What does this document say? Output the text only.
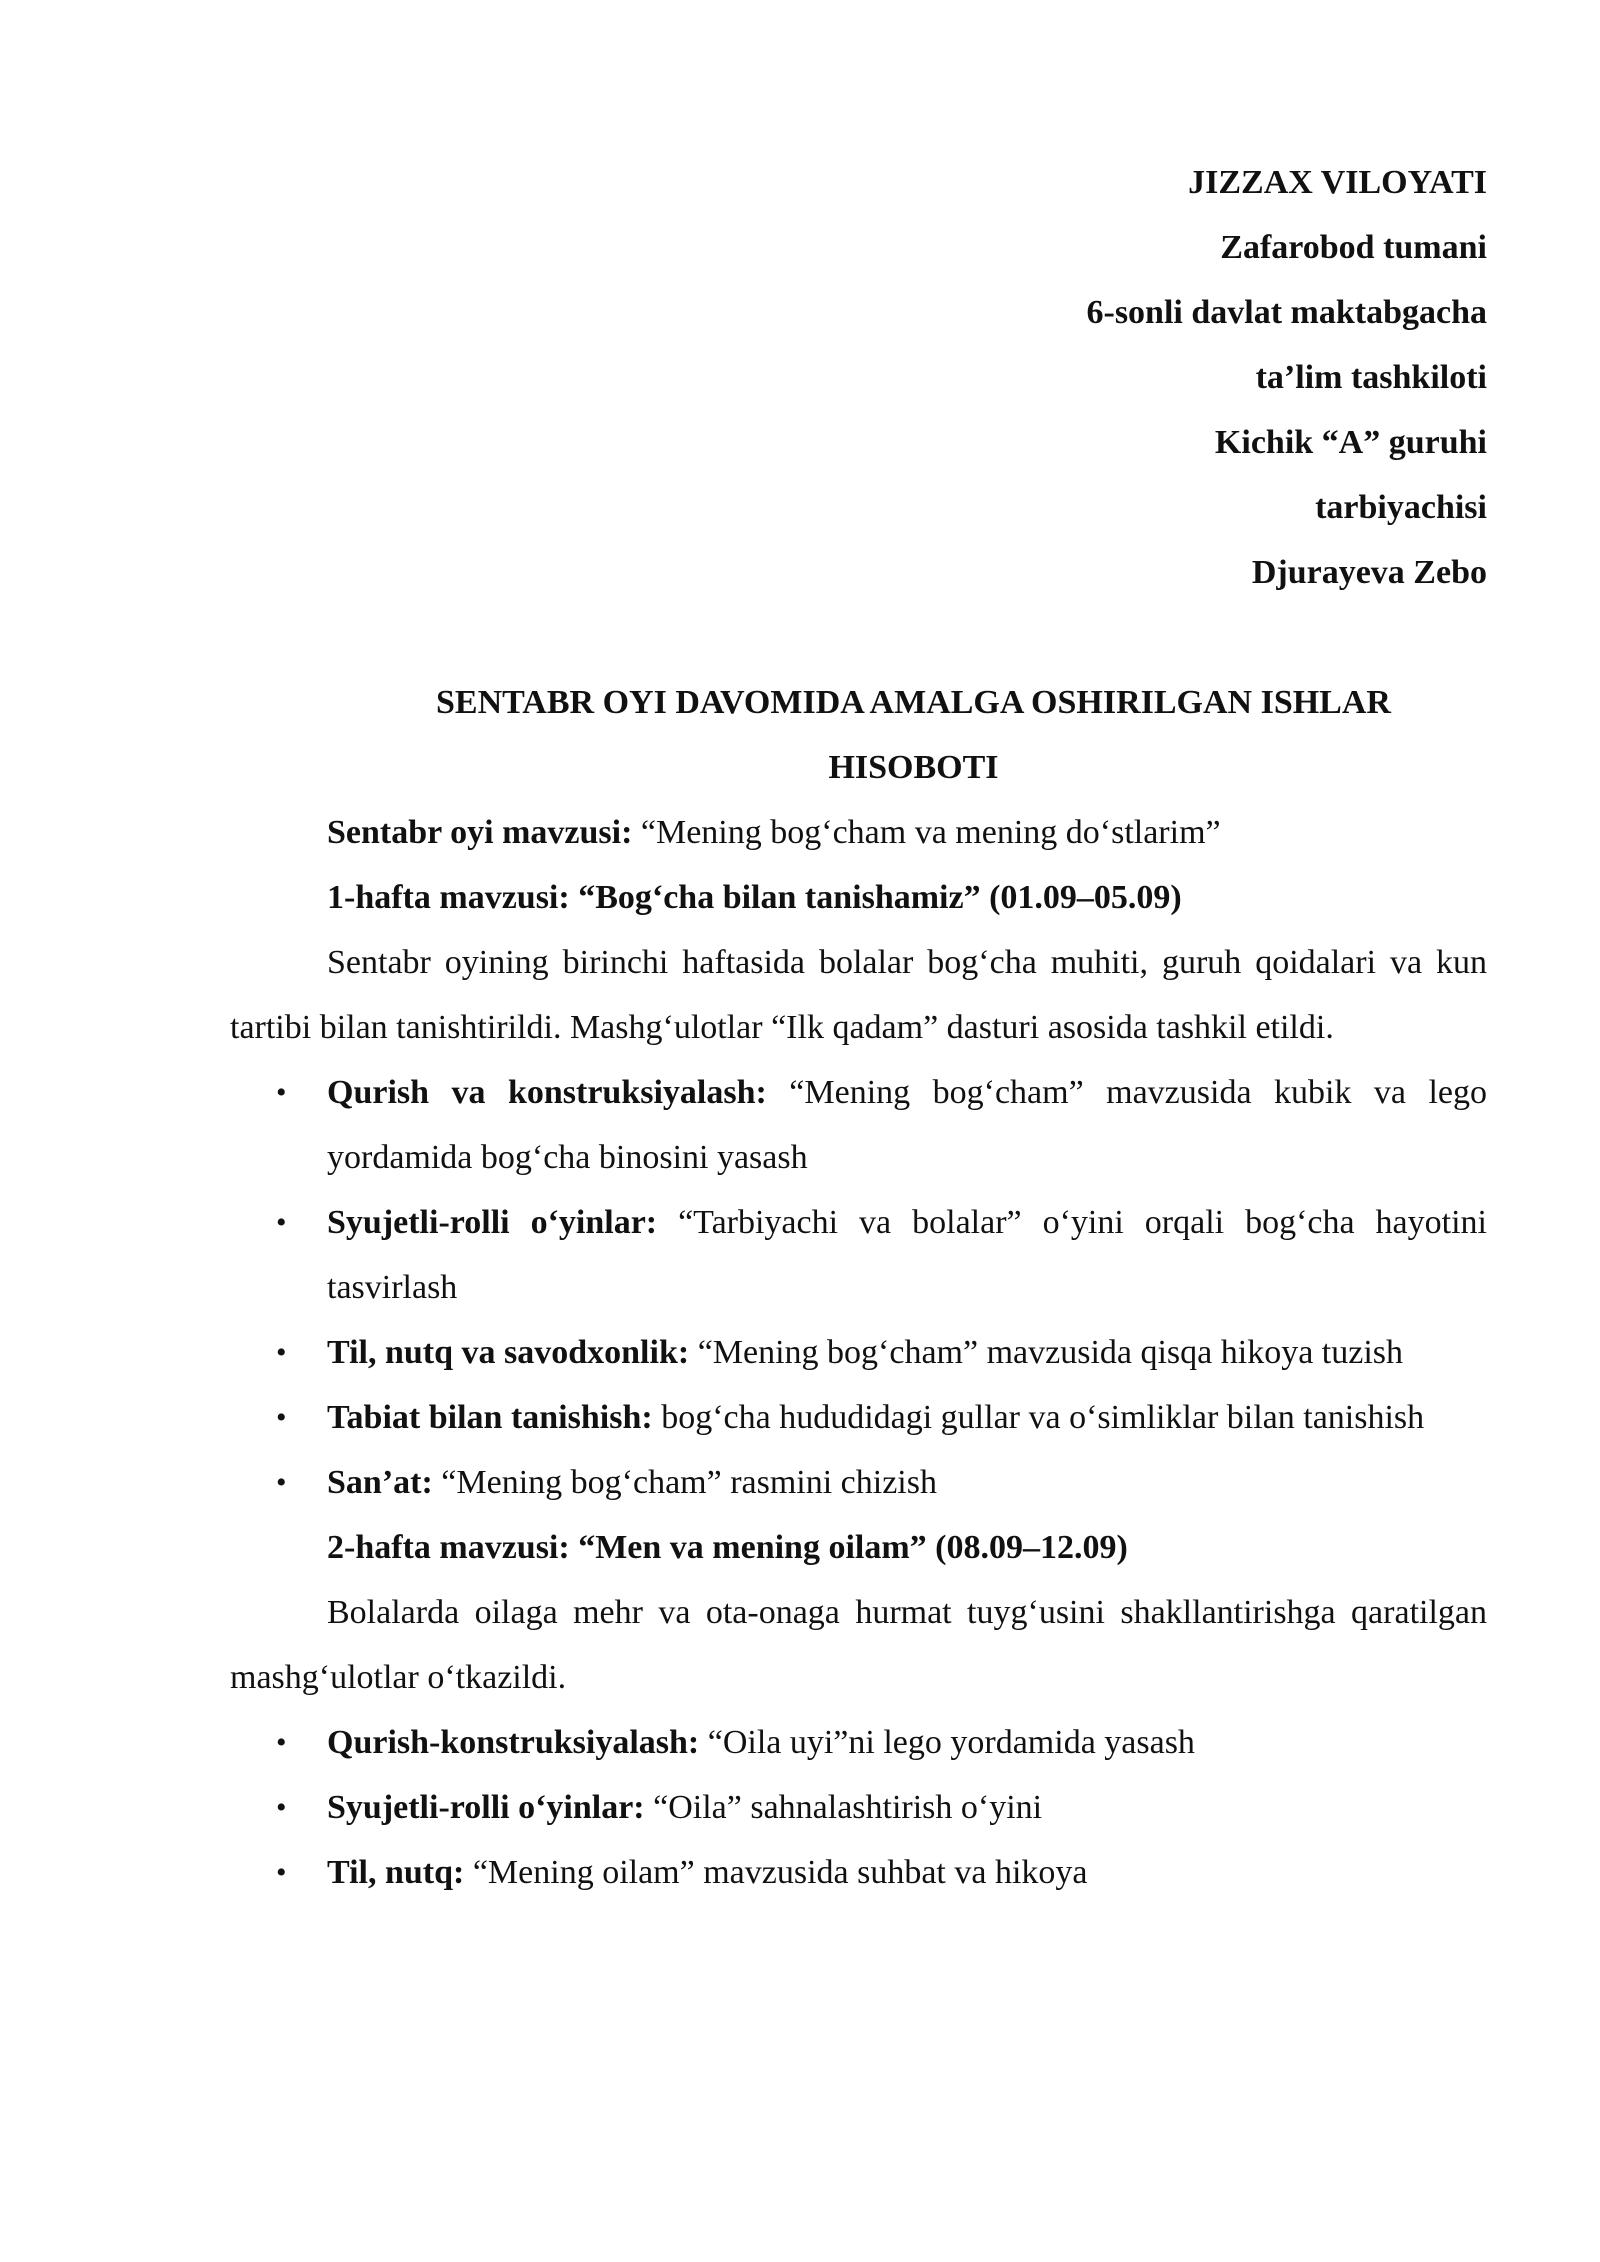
JIZZAX VILOYATI
Zafarobod tumani
6-sonli davlat maktabgacha
ta’lim tashkiloti
Kichik “A” guruhi
tarbiyachisi
Djurayeva Zebo
SENTABR OYI DAVOMIDA AMALGA OSHIRILGAN ISHLAR
HISOBOTI
Sentabr oyi mavzusi: “Mening bog‘cham va mening do‘stlarim”
1-hafta mavzusi: “Bog‘cha bilan tanishamiz” (01.09–05.09)
Sentabr oyining birinchi haftasida bolalar bog‘cha muhiti, guruh qoidalari va kun tartibi bilan tanishtirildi. Mashg‘ulotlar “Ilk qadam” dasturi asosida tashkil etildi.
• Qurish va konstruksiyalash: “Mening bog‘cham” mavzusida kubik va lego yordamida bog‘cha binosini yasash
• Syujetli-rolli o‘yinlar: “Tarbiyachi va bolalar” o‘yini orqali bog‘cha hayotini tasvirlash
• Til, nutq va savodxonlik: “Mening bog‘cham” mavzusida qisqa hikoya tuzish
• Tabiat bilan tanishish: bog‘cha hududidagi gullar va o‘simliklar bilan tanishish
• San’at: “Mening bog‘cham” rasmini chizish
2-hafta mavzusi: “Men va mening oilam” (08.09–12.09)
Bolalarda oilaga mehr va ota-onaga hurmat tuyg‘usini shakllantirishga qaratilgan mashg‘ulotlar o‘tkazildi.
• Qurish-konstruksiyalash: “Oila uyi”ni lego yordamida yasash
• Syujetli-rolli o‘yinlar: “Oila” sahnalashtirish o‘yini
• Til, nutq: “Mening oilam” mavzusida suhbat va hikoya
